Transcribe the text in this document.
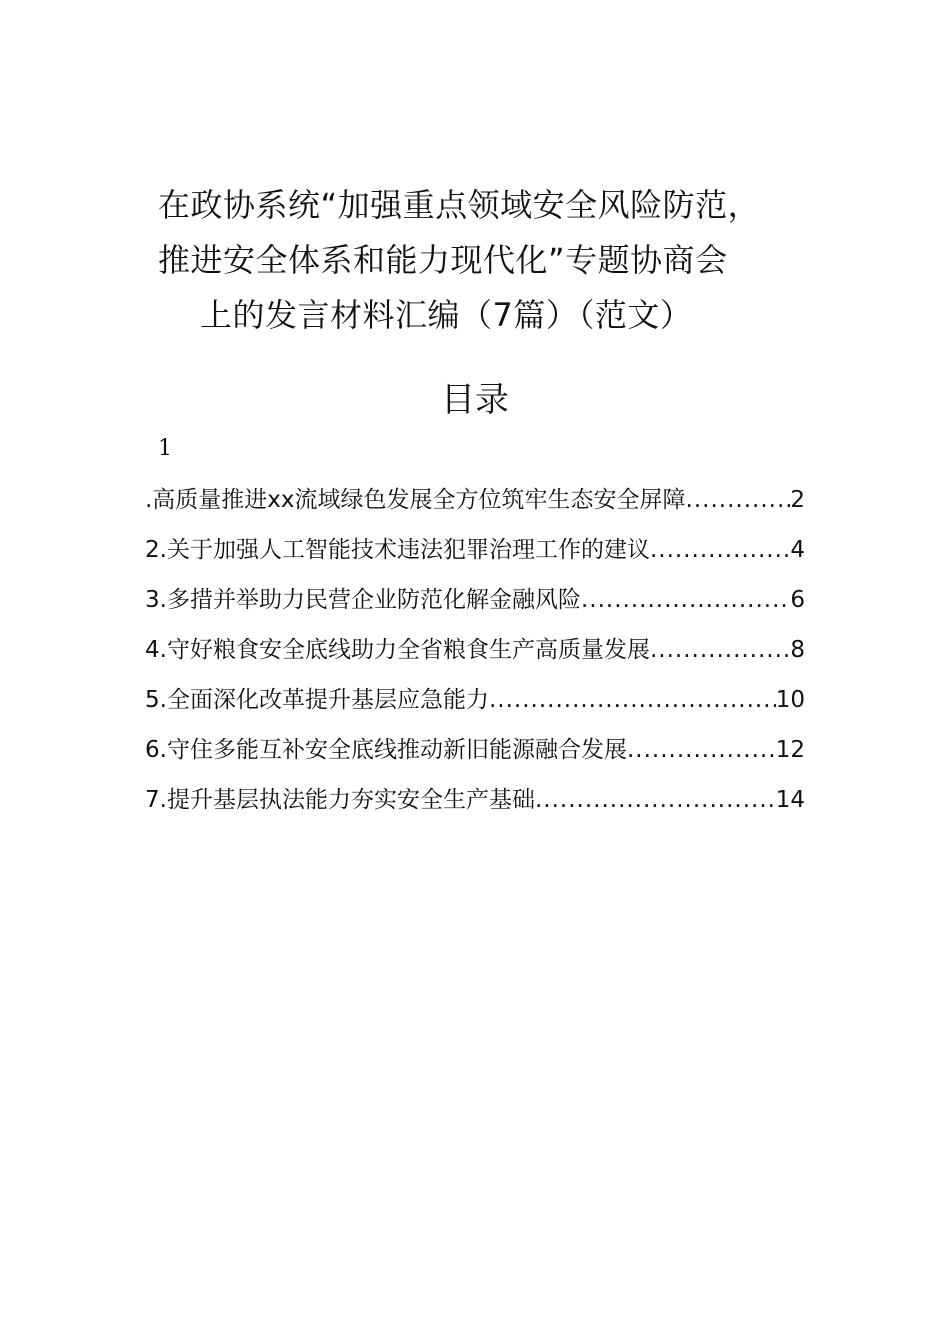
在政协系统“加强重点领域安全风险防范，
推进安全体系和能力现代化”专题协商会
上的发言材料汇编（7篇）（范文）
目录
1
.高质量推进xx流域绿色发展全方位筑牢生态安全屏障 .....	2
2.关于加强人工智能技术违法犯罪治理工作的建议 .....	4
3.多措并举助力民营企业防范化解金融风险 .....	6
4.守好粮食安全底线助力全省粮食生产高质量发展 .....	8
5.全面深化改革提升基层应急能力 .....	10
6.守住多能互补安全底线推动新旧能源融合发展 .....	12
7.提升基层执法能力夯实安全生产基础 .....	14
